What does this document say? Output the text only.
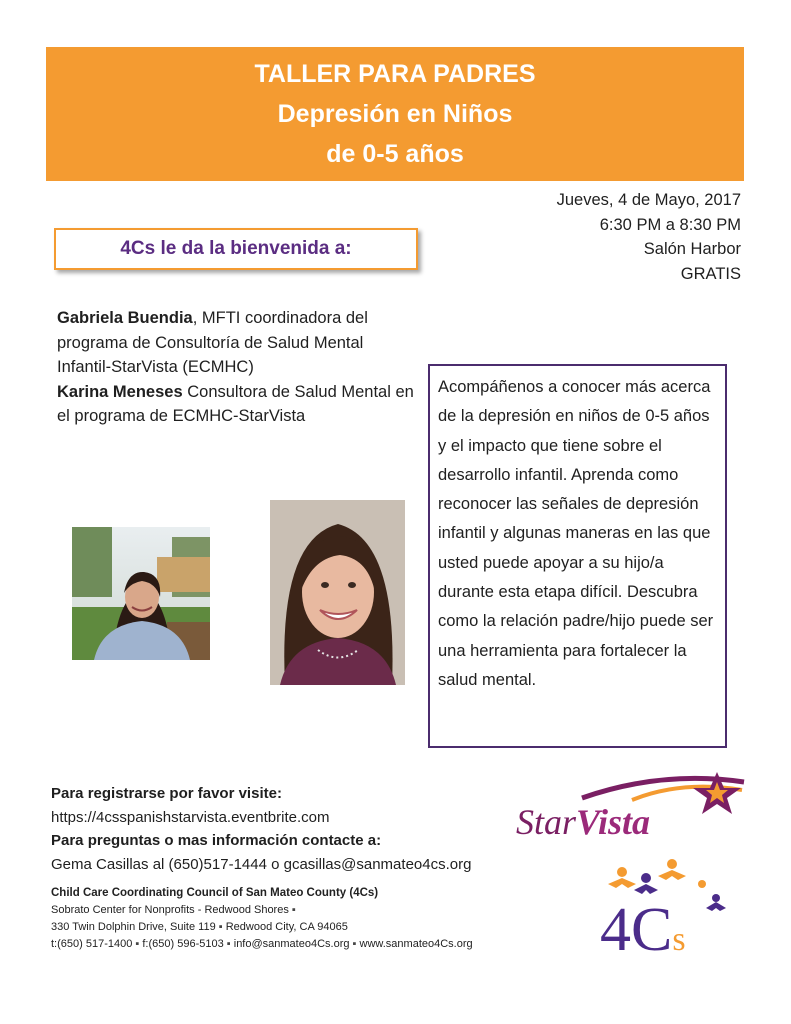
TALLER PARA PADRES
Depresión en Niños
de 0-5 años
Jueves, 4 de Mayo, 2017
6:30 PM a 8:30 PM
Salón Harbor
GRATIS
4Cs le da la bienvenida a:
Gabriela Buendia, MFTI coordinadora del programa de Consultoría de Salud Mental Infantil-StarVista (ECMHC)
Karina Meneses Consultora de Salud Mental en el programa de ECMHC-StarVista
Acompáñenos a conocer más acerca de la depresión en niños de 0-5 años y el impacto que tiene sobre el desarrollo infantil. Aprenda como reconocer las señales de depresión infantil y algunas maneras en las que usted puede apoyar a su hijo/a durante esta etapa difícil. Descubra como la relación padre/hijo puede ser una herramienta para fortalecer la salud mental.
Para registrarse por favor visite:
https://4csspanishstarvista.eventbrite.com
Para preguntas o mas información contacte a:
Gema Casillas al (650)517-1444 o gcasillas@sanmateo4cs.org
Child Care Coordinating Council of San Mateo County (4Cs)
Sobrato Center for Nonprofits - Redwood Shores ▪
330 Twin Dolphin Drive, Suite 119 ▪ Redwood City, CA 94065
t:(650) 517-1400 ▪ f:(650) 596-5103 ▪ info@sanmateo4Cs.org ▪ www.sanmateo4Cs.org
StarVista
4Cs
